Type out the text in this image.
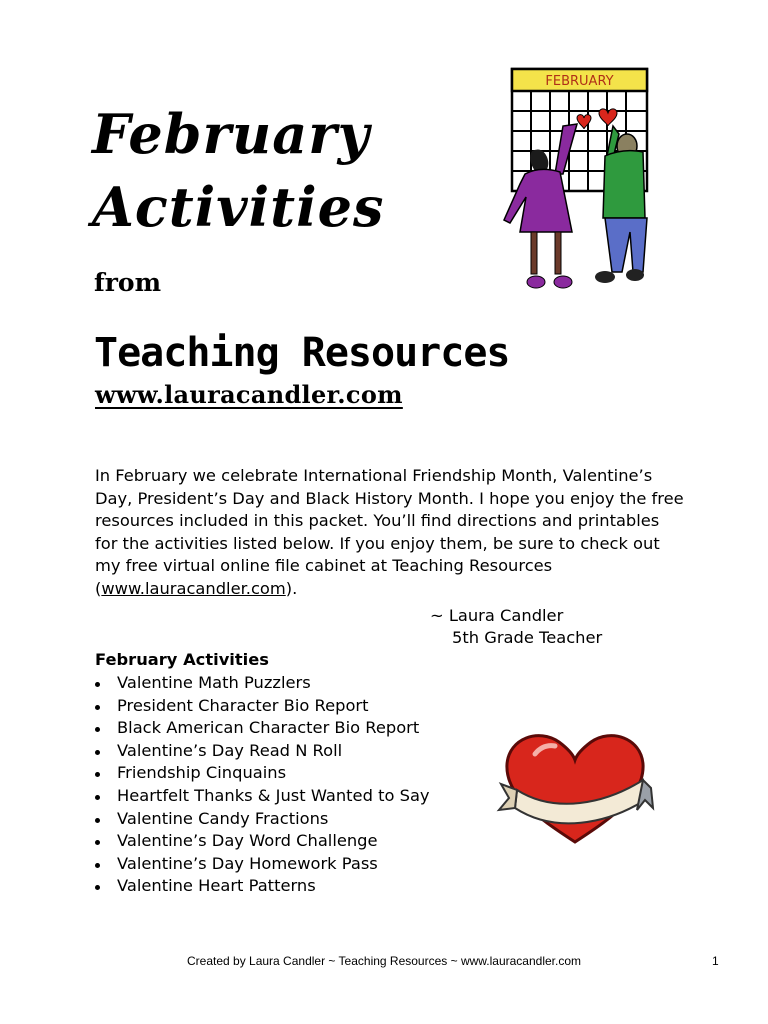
February
Activities

from

Teaching Resources

www.lauracandler.com
FEBRUARY

In February we celebrate International Friendship Month, Valentine’s Day, President’s Day and Black History Month. I hope you enjoy the free resources included in this packet. You’ll find directions and printables for the activities listed below. If you enjoy them, be sure to check out my free virtual online file cabinet at Teaching Resources (www.lauracandler.com).

~ Laura Candler

5th Grade Teacher

February Activities

Valentine Math Puzzlers
President Character Bio Report
Black American Character Bio Report
Valentine’s Day Read N Roll
Friendship Cinquains
Heartfelt Thanks & Just Wanted to Say
Valentine Candy Fractions
Valentine’s Day Word Challenge
Valentine’s Day Homework Pass
Valentine Heart Patterns
Created by Laura Candler ~ Teaching Resources ~ www.lauracandler.com	1
